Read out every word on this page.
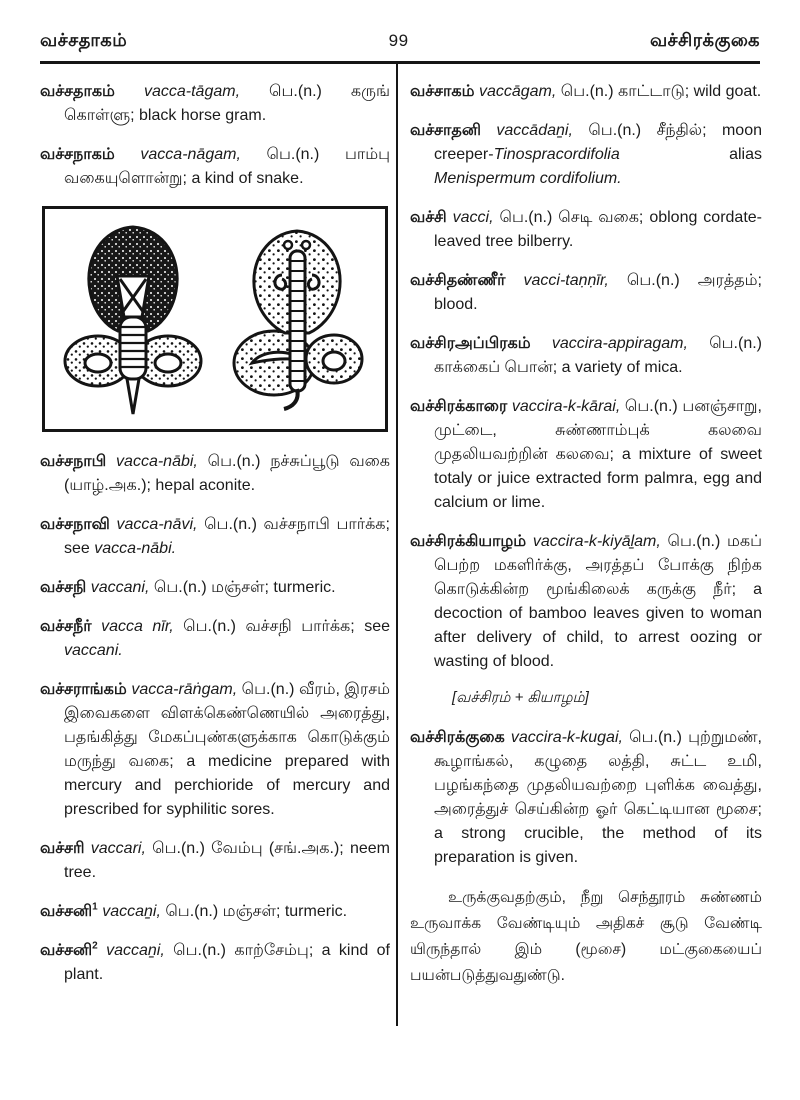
வச்சதாகம்	99	வச்சிரக்குகை
வச்சதாகம் vacca-tāgam, பெ.(n.) கருங் கொள்ளு; black horse gram.
வச்சநாகம் vacca-nāgam, பெ.(n.) பாம்பு வகையுளொன்று; a kind of snake.
வச்சநாபி vacca-nābi, பெ.(n.) நச்சுப்பூடு வகை (யாழ்.அக.); hepal aconite.
வச்சநாவி vacca-nāvi, பெ.(n.) வச்சநாபி பார்க்க; see vacca-nābi.
வச்சநி vaccani, பெ.(n.) மஞ்சள்; turmeric.
வச்சநீர் vacca nīr, பெ.(n.) வச்சநி பார்க்க; see vaccani.
வச்சராங்கம் vacca-rāṅgam, பெ.(n.) வீரம், இரசம் இவைகளை விளக்கெண்ணெயில் அரைத்து, பதங்கித்து மேகப்புண்களுக்காக கொடுக்கும் மருந்து வகை; a medicine prepared with mercury and perchioride of mercury and prescribed for syphilitic sores.
வச்சரி vaccari, பெ.(n.) வேம்பு (சங்.அக.); neem tree.
வச்சனி$^1$ vaccaṉi, பெ.(n.) மஞ்சள்; turmeric.
வச்சனி$^2$ vaccaṉi, பெ.(n.) காற்சேம்பு; a kind of plant.
வச்சாகம் vaccāgam, பெ.(n.) காட்டாடு; wild goat.
வச்சாதனி vaccādaṉi, பெ.(n.) சீந்தில்; moon creeper-Tinospracordifolia alias Menispermum cordifolium.
வச்சி vacci, பெ.(n.) செடி வகை; oblong cordate-leaved tree bilberry.
வச்சிதண்ணீர் vacci-taṇṇīr, பெ.(n.) அரத்தம்; blood.
வச்சிரஅப்பிரகம் vaccira-appiragam, பெ.(n.) காக்கைப் பொன்; a variety of mica.
வச்சிரக்காரை vaccira-k-kārai, பெ.(n.) பனஞ்சாறு, முட்டை, சுண்ணாம்புக் கலவை முதலியவற்றின் கலவை; a mixture of sweet totaly or juice extracted form palmra, egg and calcium or lime.
வச்சிரக்கியாழம் vaccira-k-kiyāḻam, பெ.(n.) மகப் பெற்ற மகளிர்க்கு, அரத்தப் போக்கு நிற்க கொடுக்கின்ற மூங்கிலைக் கருக்கு நீர்; a decoction of bamboo leaves given to woman after delivery of child, to arrest oozing or wasting of blood.
[வச்சிரம் + கியாழம்]
வச்சிரக்குகை vaccira-k-kugai, பெ.(n.) புற்றுமண், கூழாங்கல், கழுதை லத்தி, சுட்ட உமி, பழங்கந்தை முதலியவற்றை புளிக்க வைத்து, அரைத்துச் செய்கின்ற ஓர் கெட்டியான மூசை; a strong crucible, the method of its preparation is given.
உருக்குவதற்கும், நீறு செந்தூரம் சுண்ணம் உருவாக்க வேண்டியும் அதிகச் சூடு வேண்டி யிருந்தால் இம் (மூசை) மட்குகையைப் பயன்படுத்துவதுண்டு.
